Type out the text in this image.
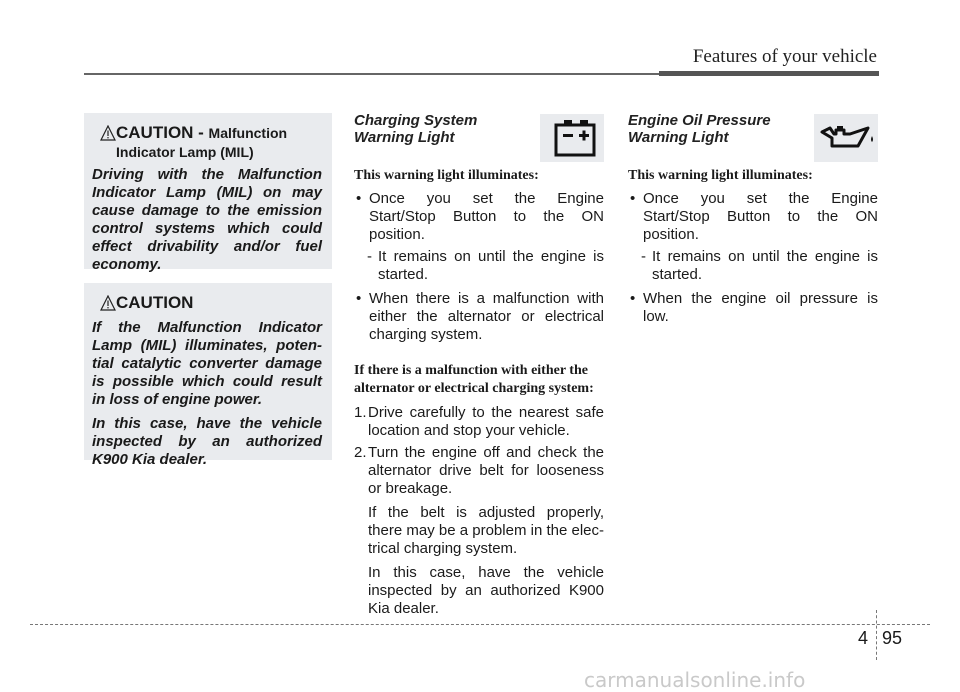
Features of your vehicle
CAUTION - Malfunction
Indicator Lamp (MIL)

Driving with the Malfunction Indicator Lamp (MIL) on may cause damage to the emission control systems which could effect drivability and/or fuel economy.

CAUTION

If the Malfunction Indicator Lamp (MIL) illuminates, poten-tial catalytic converter damage is possible which could result in loss of engine power.

In this case, have the vehicle inspected by an authorized K900 Kia dealer.

Charging System Warning Light
This warning light illuminates:
• Once you set the Engine Start/Stop Button to the ON position.
- It remains on until the engine is started.
• When there is a malfunction with either the alternator or electrical charging system.
If there is a malfunction with either the alternator or electrical charging system:
1. Drive carefully to the nearest safe location and stop your vehicle.
2. Turn the engine off and check the alternator drive belt for looseness or breakage.
If the belt is adjusted properly, there may be a problem in the elec-trical charging system.
In this case, have the vehicle inspected by an authorized K900 Kia dealer.
Engine Oil Pressure Warning Light
This warning light illuminates:
• Once you set the Engine Start/Stop Button to the ON position.
- It remains on until the engine is started.
• When the engine oil pressure is low.
4 95
carmanualsonline.info
